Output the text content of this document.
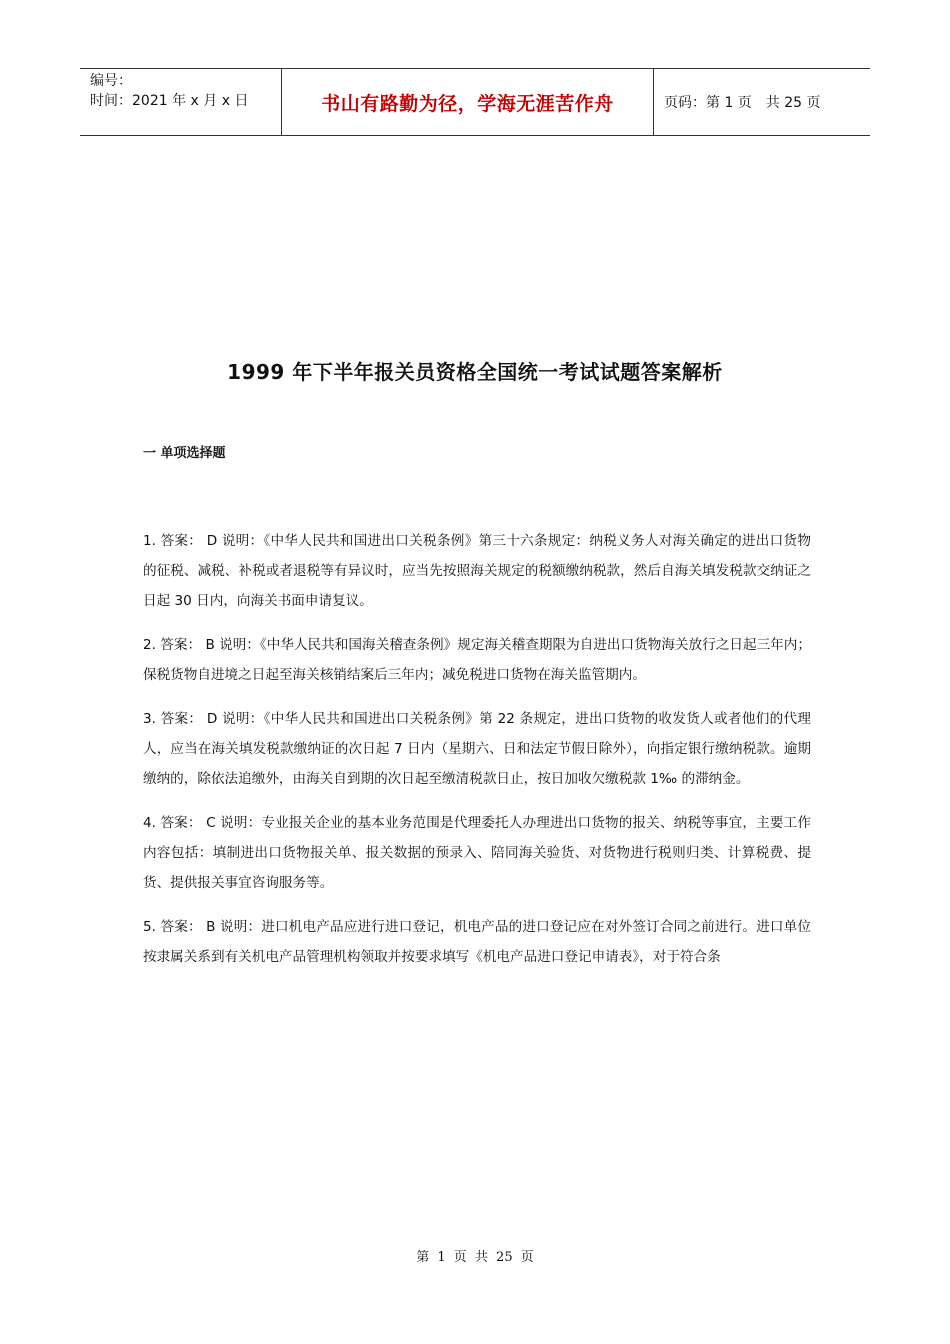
编号：
时间：2021 年 x 月 x 日	书山有路勤为径，学海无涯苦作舟	页码：第 1 页　共 25 页
1999 年下半年报关员资格全国统一考试试题答案解析
一 单项选择题

1. 答案： D 说明：《中华人民共和国进出口关税条例》第三十六条规定：纳税义务人对海关确定的进出口货物的征税、减税、补税或者退税等有异议时，应当先按照海关规定的税额缴纳税款，然后自海关填发税款交纳证之日起 30 日内，向海关书面申请复议。

2. 答案： B 说明：《中华人民共和国海关稽查条例》规定海关稽查期限为自进出口货物海关放行之日起三年内；保税货物自进境之日起至海关核销结案后三年内；减免税进口货物在海关监管期内。

3. 答案： D 说明：《中华人民共和国进出口关税条例》第 22 条规定，进出口货物的收发货人或者他们的代理人，应当在海关填发税款缴纳证的次日起 7 日内（星期六、日和法定节假日除外），向指定银行缴纳税款。逾期缴纳的，除依法追缴外，由海关自到期的次日起至缴清税款日止，按日加收欠缴税款 1‰ 的滞纳金。

4. 答案： C 说明：专业报关企业的基本业务范围是代理委托人办理进出口货物的报关、纳税等事宜，主要工作内容包括：填制进出口货物报关单、报关数据的预录入、陪同海关验货、对货物进行税则归类、计算税费、提货、提供报关事宜咨询服务等。

5. 答案： B 说明：进口机电产品应进行进口登记，机电产品的进口登记应在对外签订合同之前进行。进口单位按隶属关系到有关机电产品管理机构领取并按要求填写《机电产品进口登记申请表》，对于符合条

第 1 页 共 25 页
